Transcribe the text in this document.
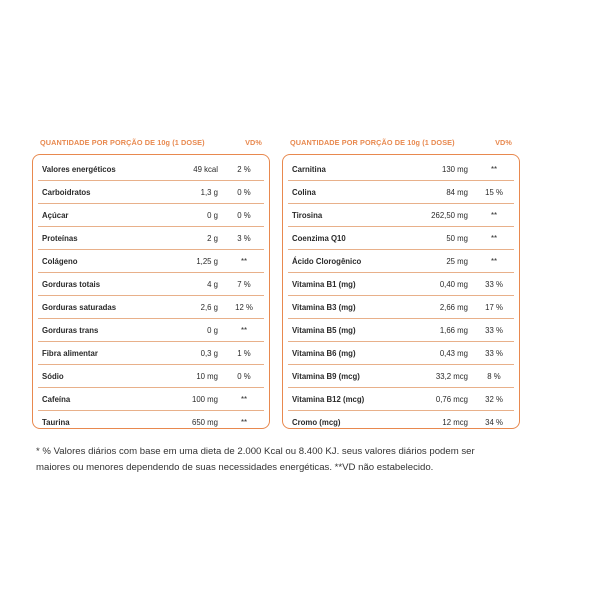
QUANTIDADE POR PORÇÃO DE 10g (1 DOSE)	VD%
Valores energéticos	49 kcal	2 %
Carboidratos	1,3 g	0 %
Açúcar	0 g	0 %
Proteínas	2 g	3 %
Colágeno	1,25 g	**
Gorduras totais	4 g	7 %
Gorduras saturadas	2,6 g	12 %
Gorduras trans	0 g	**
Fibra alimentar	0,3 g	1 %
Sódio	10 mg	0 %
Cafeína	100 mg	**
Taurina	650 mg	**
QUANTIDADE POR PORÇÃO DE 10g (1 DOSE)	VD%
Carnitina	130 mg	**
Colina	84 mg	15 %
Tirosina	262,50 mg	**
Coenzima Q10	50 mg	**
Ácido Clorogênico	25 mg	**
Vitamina B1 (mg)	0,40 mg	33 %
Vitamina B3 (mg)	2,66 mg	17 %
Vitamina B5 (mg)	1,66 mg	33 %
Vitamina B6 (mg)	0,43 mg	33 %
Vitamina B9 (mcg)	33,2 mcg	8 %
Vitamina B12 (mcg)	0,76 mcg	32 %
Cromo (mcg)	12 mcg	34 %
* % Valores diários com base em uma dieta de 2.000 Kcal ou 8.400 KJ. seus valores diários podem ser
maiores ou menores dependendo de suas necessidades energéticas. **VD não estabelecido.
